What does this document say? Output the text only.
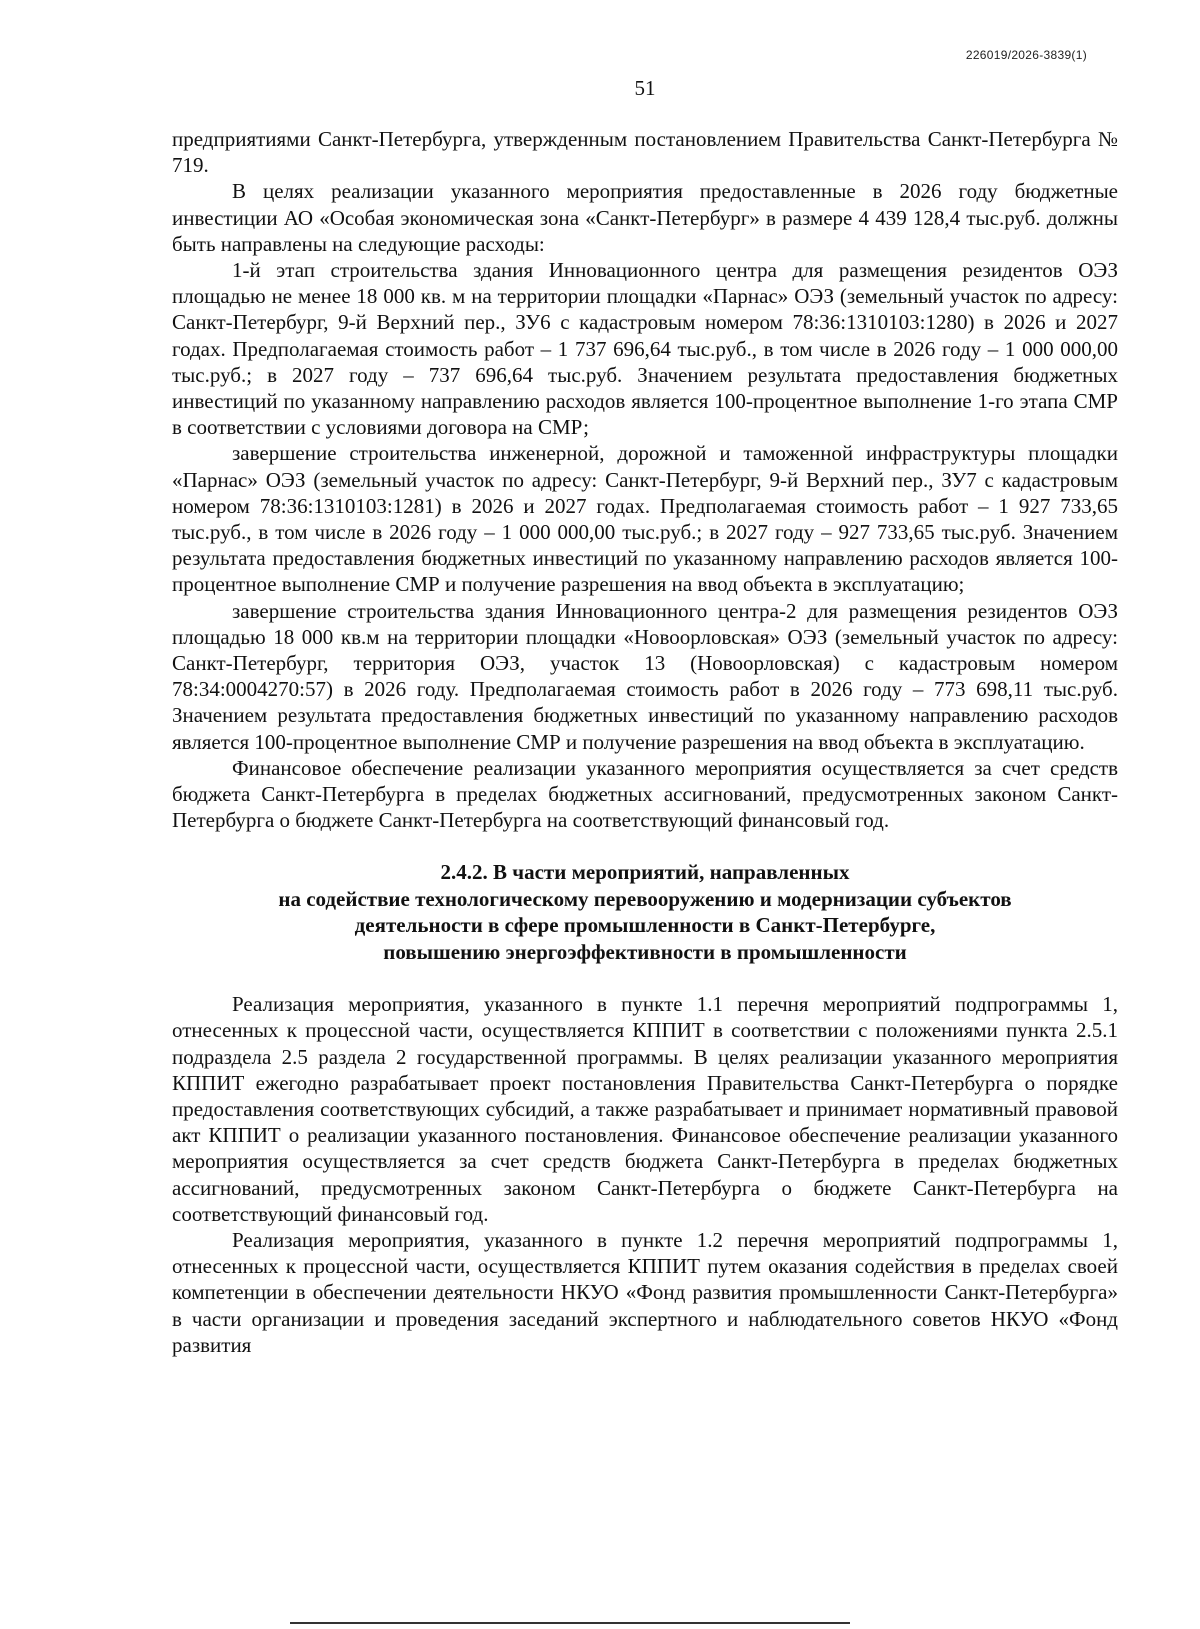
226019/2026-3839(1)
51

предприятиями Санкт-Петербурга, утвержденным постановлением Правительства Санкт-Петербурга № 719.

В целях реализации указанного мероприятия предоставленные в 2026 году бюджетные инвестиции АО «Особая экономическая зона «Санкт-Петербург» в размере 4 439 128,4 тыс.руб. должны быть направлены на следующие расходы:

1-й этап строительства здания Инновационного центра для размещения резидентов ОЭЗ площадью не менее 18 000 кв. м на территории площадки «Парнас» ОЭЗ (земельный участок по адресу: Санкт-Петербург, 9-й Верхний пер., ЗУ6 с кадастровым номером 78:36:1310103:1280) в 2026 и 2027 годах. Предполагаемая стоимость работ – 1 737 696,64 тыс.руб., в том числе в 2026 году – 1 000 000,00 тыс.руб.; в 2027 году – 737 696,64 тыс.руб. Значением результата предоставления бюджетных инвестиций по указанному направлению расходов является 100-процентное выполнение 1-го этапа СМР в соответствии с условиями договора на СМР;

завершение строительства инженерной, дорожной и таможенной инфраструктуры площадки «Парнас» ОЭЗ (земельный участок по адресу: Санкт-Петербург, 9-й Верхний пер., ЗУ7 с кадастровым номером 78:36:1310103:1281) в 2026 и 2027 годах. Предполагаемая стоимость работ – 1 927 733,65 тыс.руб., в том числе в 2026 году – 1 000 000,00 тыс.руб.; в 2027 году – 927 733,65 тыс.руб. Значением результата предоставления бюджетных инвестиций по указанному направлению расходов является 100-процентное выполнение СМР и получение разрешения на ввод объекта в эксплуатацию;

завершение строительства здания Инновационного центра-2 для размещения резидентов ОЭЗ площадью 18 000 кв.м на территории площадки «Новоорловская» ОЭЗ (земельный участок по адресу: Санкт-Петербург, территория ОЭЗ, участок 13 (Новоорловская) с кадастровым номером 78:34:0004270:57) в 2026 году. Предполагаемая стоимость работ в 2026 году – 773 698,11 тыс.руб. Значением результата предоставления бюджетных инвестиций по указанному направлению расходов является 100-процентное выполнение СМР и получение разрешения на ввод объекта в эксплуатацию.

Финансовое обеспечение реализации указанного мероприятия осуществляется за счет средств бюджета Санкт-Петербурга в пределах бюджетных ассигнований, предусмотренных законом Санкт-Петербурга о бюджете Санкт-Петербурга на соответствующий финансовый год.

2.4.2. В части мероприятий, направленных
на содействие технологическому перевооружению и модернизации субъектов
деятельности в сфере промышленности в Санкт-Петербурге,
повышению энергоэффективности в промышленности

Реализация мероприятия, указанного в пункте 1.1 перечня мероприятий подпрограммы 1, отнесенных к процессной части, осуществляется КППИТ в соответствии с положениями пункта 2.5.1 подраздела 2.5 раздела 2 государственной программы. В целях реализации указанного мероприятия КППИТ ежегодно разрабатывает проект постановления Правительства Санкт-Петербурга о порядке предоставления соответствующих субсидий, а также разрабатывает и принимает нормативный правовой акт КППИТ о реализации указанного постановления. Финансовое обеспечение реализации указанного мероприятия осуществляется за счет средств бюджета Санкт-Петербурга в пределах бюджетных ассигнований, предусмотренных законом Санкт-Петербурга о бюджете Санкт-Петербурга на соответствующий финансовый год.

Реализация мероприятия, указанного в пункте 1.2 перечня мероприятий подпрограммы 1, отнесенных к процессной части, осуществляется КППИТ путем оказания содействия в пределах своей компетенции в обеспечении деятельности НКУО «Фонд развития промышленности Санкт-Петербурга» в части организации и проведения заседаний экспертного и наблюдательного советов НКУО «Фонд развития
